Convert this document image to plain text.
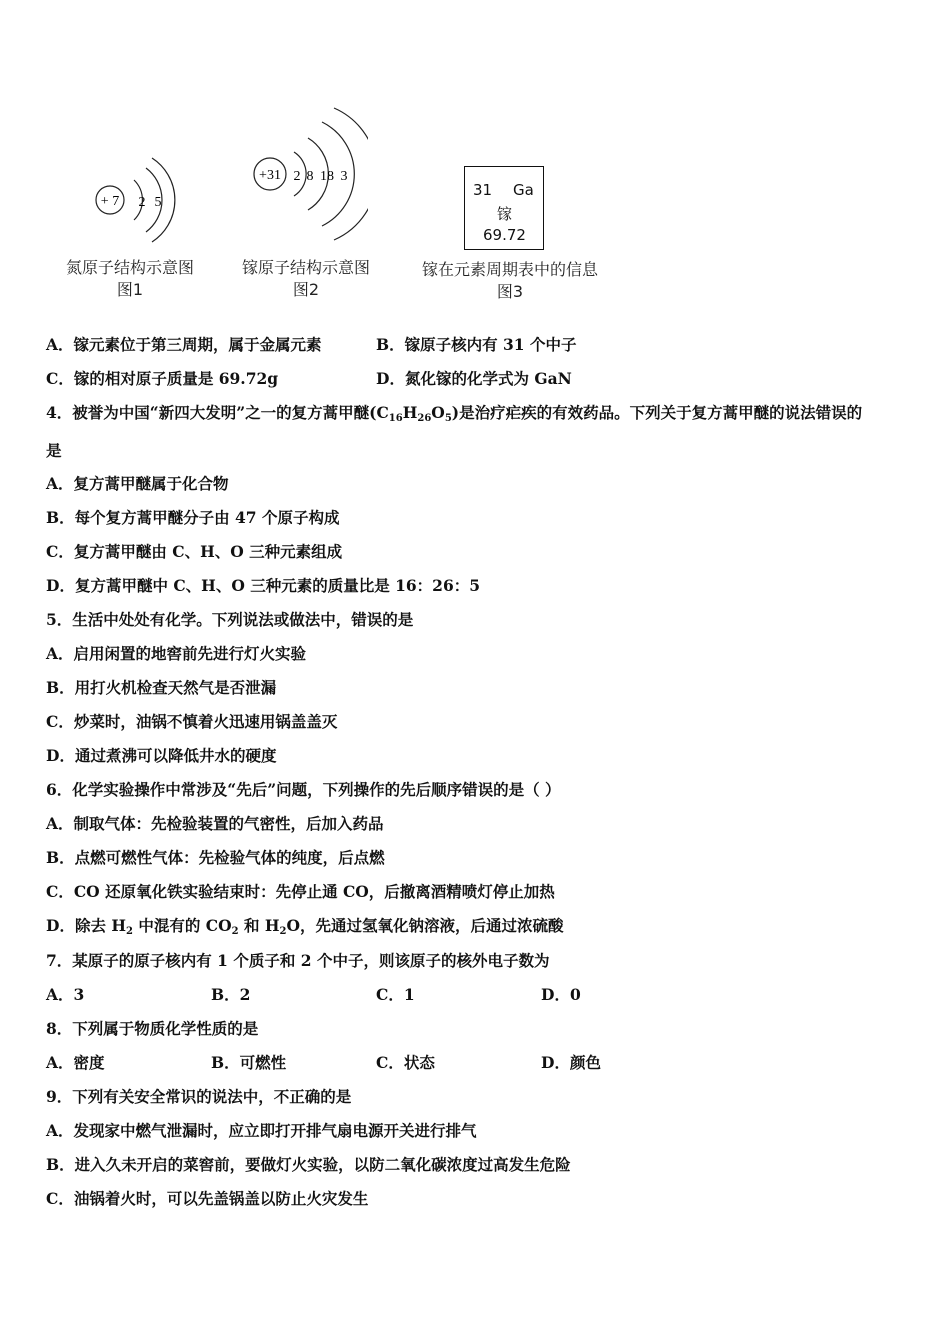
+ 7 2 5
氮原子结构示意图
图1
+31 2 8 18 3
镓原子结构示意图
图2
31 Ga
镓
69.72
镓在元素周期表中的信息
图3
A．镓元素位于第三周期，属于金属元素	B．镓原子核内有 31 个中子
C．镓的相对原子质量是 69.72g	D．氮化镓的化学式为 GaN
4．被誉为中国“新四大发明”之一的复方蒿甲醚$(C_{16}H_{26}O_5)$是治疗疟疾的有效药品。下列关于复方蒿甲醚的说法错误的
是
A．复方蒿甲醚属于化合物
B．每个复方蒿甲醚分子由 47 个原子构成
C．复方蒿甲醚由 C、H、O 三种元素组成
D．复方蒿甲醚中 C、H、O 三种元素的质量比是 16：26：5
5．生活中处处有化学。下列说法或做法中，错误的是
A．启用闲置的地窖前先进行灯火实验
B．用打火机检查天然气是否泄漏
C．炒菜时，油锅不慎着火迅速用锅盖盖灭
D．通过煮沸可以降低井水的硬度
6．化学实验操作中常涉及“先后”问题，下列操作的先后顺序错误的是（ ）
A．制取气体：先检验装置的气密性，后加入药品
B．点燃可燃性气体：先检验气体的纯度，后点燃
C．CO 还原氧化铁实验结束时：先停止通 CO，后撤离酒精喷灯停止加热
D．除去 $H_2$ 中混有的 $CO_2$ 和 $H_2O$，先通过氢氧化钠溶液，后通过浓硫酸
7．某原子的原子核内有 1 个质子和 2 个中子，则该原子的核外电子数为
A．3	B．2	C．1	D．0
8．下列属于物质化学性质的是
A．密度	B．可燃性	C．状态	D．颜色
9．下列有关安全常识的说法中，不正确的是
A．发现家中燃气泄漏时，应立即打开排气扇电源开关进行排气
B．进入久未开启的菜窖前，要做灯火实验，以防二氧化碳浓度过高发生危险
C．油锅着火时，可以先盖锅盖以防止火灾发生
